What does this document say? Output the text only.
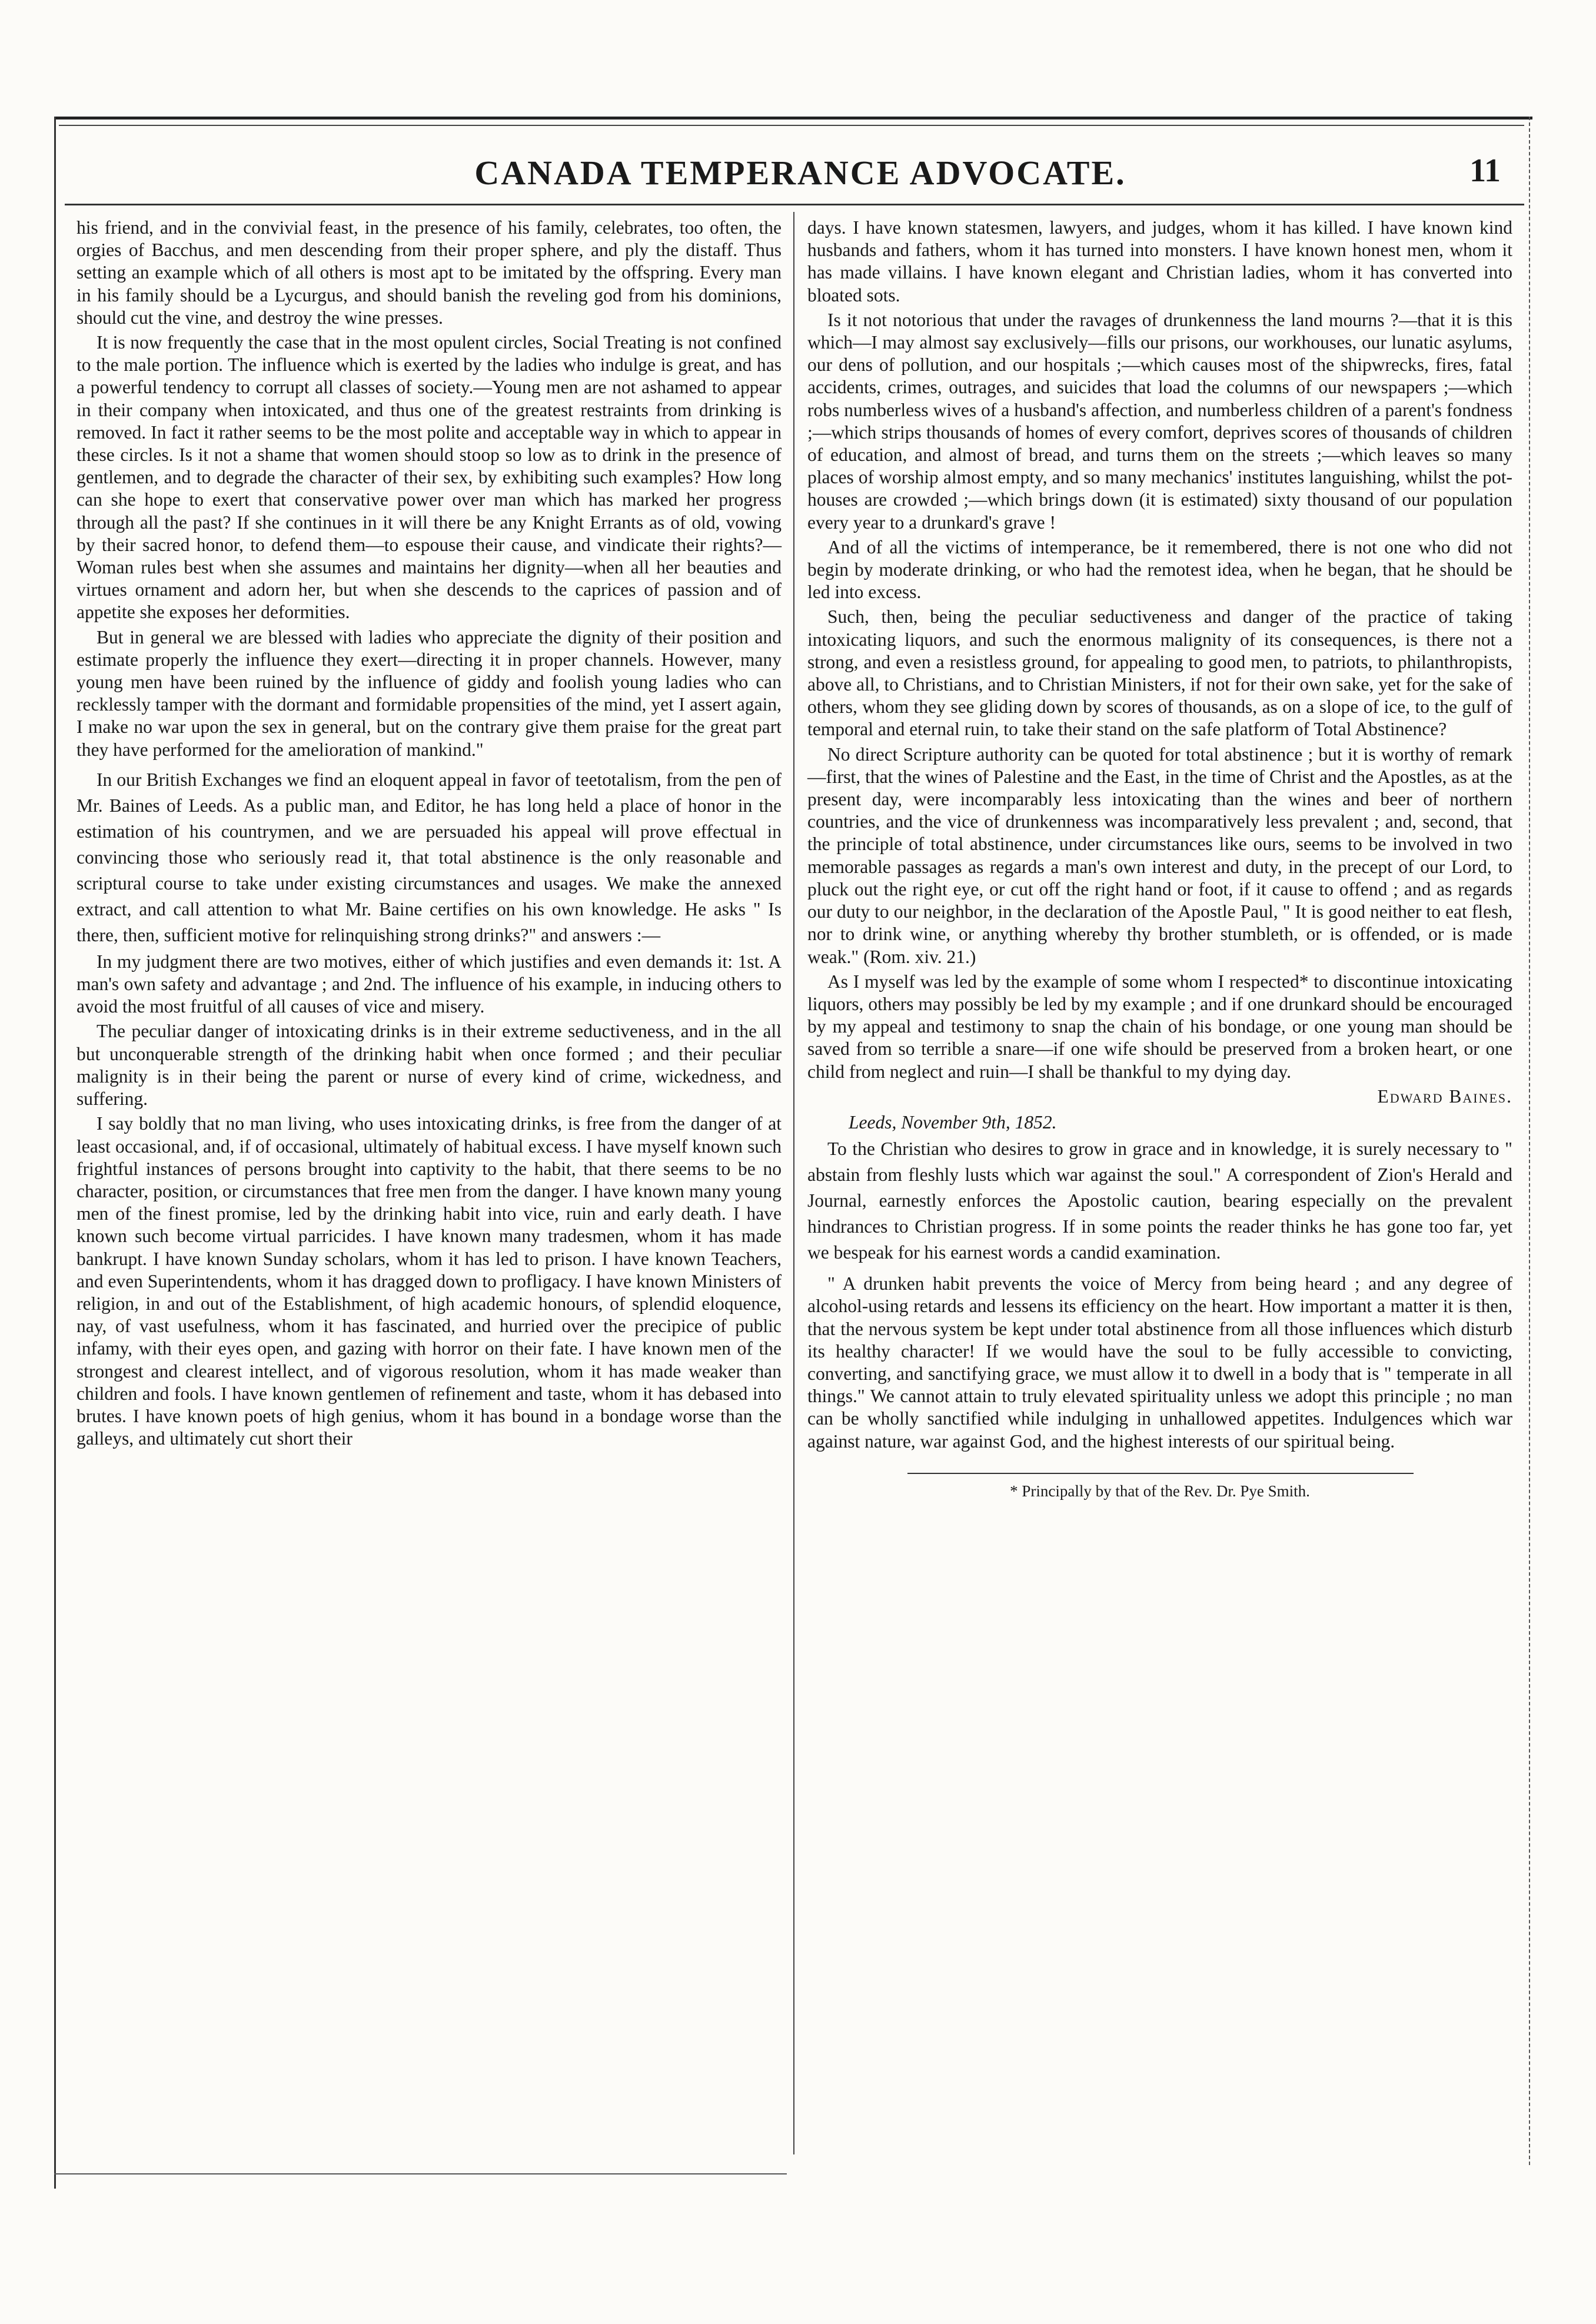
CANADA TEMPERANCE ADVOCATE.	11

his friend, and in the convivial feast, in the presence of his family, celebrates, too often, the orgies of Bacchus, and men descending from their proper sphere, and ply the distaff. Thus setting an example which of all others is most apt to be imitated by the offspring. Every man in his family should be a Lycurgus, and should banish the reveling god from his dominions, should cut the vine, and destroy the wine presses.

It is now frequently the case that in the most opulent circles, Social Treating is not confined to the male portion. The influence which is exerted by the ladies who indulge is great, and has a powerful tendency to corrupt all classes of society.—Young men are not ashamed to appear in their company when intoxicated, and thus one of the greatest restraints from drinking is removed. In fact it rather seems to be the most polite and acceptable way in which to appear in these circles. Is it not a shame that women should stoop so low as to drink in the presence of gentlemen, and to degrade the character of their sex, by exhibiting such examples? How long can she hope to exert that conservative power over man which has marked her progress through all the past? If she continues in it will there be any Knight Errants as of old, vowing by their sacred honor, to defend them—to espouse their cause, and vindicate their rights?—Woman rules best when she assumes and maintains her dignity—when all her beauties and virtues ornament and adorn her, but when she descends to the caprices of passion and of appetite she exposes her deformities.

But in general we are blessed with ladies who appreciate the dignity of their position and estimate properly the influence they exert—directing it in proper channels. However, many young men have been ruined by the influence of giddy and foolish young ladies who can recklessly tamper with the dormant and formidable propensities of the mind, yet I assert again, I make no war upon the sex in general, but on the contrary give them praise for the great part they have performed for the amelioration of mankind."

In our British Exchanges we find an eloquent appeal in favor of teetotalism, from the pen of Mr. Baines of Leeds. As a public man, and Editor, he has long held a place of honor in the estimation of his countrymen, and we are persuaded his appeal will prove effectual in convincing those who seriously read it, that total abstinence is the only reasonable and scriptural course to take under existing circumstances and usages. We make the annexed extract, and call attention to what Mr. Baine certifies on his own knowledge. He asks " Is there, then, sufficient motive for relinquishing strong drinks?" and answers :—

In my judgment there are two motives, either of which justifies and even demands it: 1st. A man's own safety and advantage ; and 2nd. The influence of his example, in inducing others to avoid the most fruitful of all causes of vice and misery.

The peculiar danger of intoxicating drinks is in their extreme seductiveness, and in the all but unconquerable strength of the drinking habit when once formed ; and their peculiar malignity is in their being the parent or nurse of every kind of crime, wickedness, and suffering.

I say boldly that no man living, who uses intoxicating drinks, is free from the danger of at least occasional, and, if of occasional, ultimately of habitual excess. I have myself known such frightful instances of persons brought into captivity to the habit, that there seems to be no character, position, or circumstances that free men from the danger. I have known many young men of the finest promise, led by the drinking habit into vice, ruin and early death. I have known such become virtual parricides. I have known many tradesmen, whom it has made bankrupt. I have known Sunday scholars, whom it has led to prison. I have known Teachers, and even Superintendents, whom it has dragged down to profligacy. I have known Ministers of religion, in and out of the Establishment, of high academic honours, of splendid eloquence, nay, of vast usefulness, whom it has fascinated, and hurried over the precipice of public infamy, with their eyes open, and gazing with horror on their fate. I have known men of the strongest and clearest intellect, and of vigorous resolution, whom it has made weaker than children and fools. I have known gentlemen of refinement and taste, whom it has debased into brutes. I have known poets of high genius, whom it has bound in a bondage worse than the galleys, and ultimately cut short their

days. I have known statesmen, lawyers, and judges, whom it has killed. I have known kind husbands and fathers, whom it has turned into monsters. I have known honest men, whom it has made villains. I have known elegant and Christian ladies, whom it has converted into bloated sots.

Is it not notorious that under the ravages of drunkenness the land mourns ?—that it is this which—I may almost say exclusively—fills our prisons, our workhouses, our lunatic asylums, our dens of pollution, and our hospitals ;—which causes most of the shipwrecks, fires, fatal accidents, crimes, outrages, and suicides that load the columns of our newspapers ;—which robs numberless wives of a husband's affection, and numberless children of a parent's fondness ;—which strips thousands of homes of every comfort, deprives scores of thousands of children of education, and almost of bread, and turns them on the streets ;—which leaves so many places of worship almost empty, and so many mechanics' institutes languishing, whilst the pot-houses are crowded ;—which brings down (it is estimated) sixty thousand of our population every year to a drunkard's grave !

And of all the victims of intemperance, be it remembered, there is not one who did not begin by moderate drinking, or who had the remotest idea, when he began, that he should be led into excess.

Such, then, being the peculiar seductiveness and danger of the practice of taking intoxicating liquors, and such the enormous malignity of its consequences, is there not a strong, and even a resistless ground, for appealing to good men, to patriots, to philanthropists, above all, to Christians, and to Christian Ministers, if not for their own sake, yet for the sake of others, whom they see gliding down by scores of thousands, as on a slope of ice, to the gulf of temporal and eternal ruin, to take their stand on the safe platform of Total Abstinence?

No direct Scripture authority can be quoted for total abstinence ; but it is worthy of remark—first, that the wines of Palestine and the East, in the time of Christ and the Apostles, as at the present day, were incomparably less intoxicating than the wines and beer of northern countries, and the vice of drunkenness was incomparatively less prevalent ; and, second, that the principle of total abstinence, under circumstances like ours, seems to be involved in two memorable passages as regards a man's own interest and duty, in the precept of our Lord, to pluck out the right eye, or cut off the right hand or foot, if it cause to offend ; and as regards our duty to our neighbor, in the declaration of the Apostle Paul, " It is good neither to eat flesh, nor to drink wine, or anything whereby thy brother stumbleth, or is offended, or is made weak." (Rom. xiv. 21.)

As I myself was led by the example of some whom I respected* to discontinue intoxicating liquors, others may possibly be led by my example ; and if one drunkard should be encouraged by my appeal and testimony to snap the chain of his bondage, or one young man should be saved from so terrible a snare—if one wife should be preserved from a broken heart, or one child from neglect and ruin—I shall be thankful to my dying day.

Edward Baines.

Leeds, November 9th, 1852.

To the Christian who desires to grow in grace and in knowledge, it is surely necessary to " abstain from fleshly lusts which war against the soul." A correspondent of Zion's Herald and Journal, earnestly enforces the Apostolic caution, bearing especially on the prevalent hindrances to Christian progress. If in some points the reader thinks he has gone too far, yet we bespeak for his earnest words a candid examination.

" A drunken habit prevents the voice of Mercy from being heard ; and any degree of alcohol-using retards and lessens its efficiency on the heart. How important a matter it is then, that the nervous system be kept under total abstinence from all those influences which disturb its healthy character! If we would have the soul to be fully accessible to convicting, converting, and sanctifying grace, we must allow it to dwell in a body that is " temperate in all things." We cannot attain to truly elevated spirituality unless we adopt this principle ; no man can be wholly sanctified while indulging in unhallowed appetites. Indulgences which war against nature, war against God, and the highest interests of our spiritual being.

* Principally by that of the Rev. Dr. Pye Smith.
